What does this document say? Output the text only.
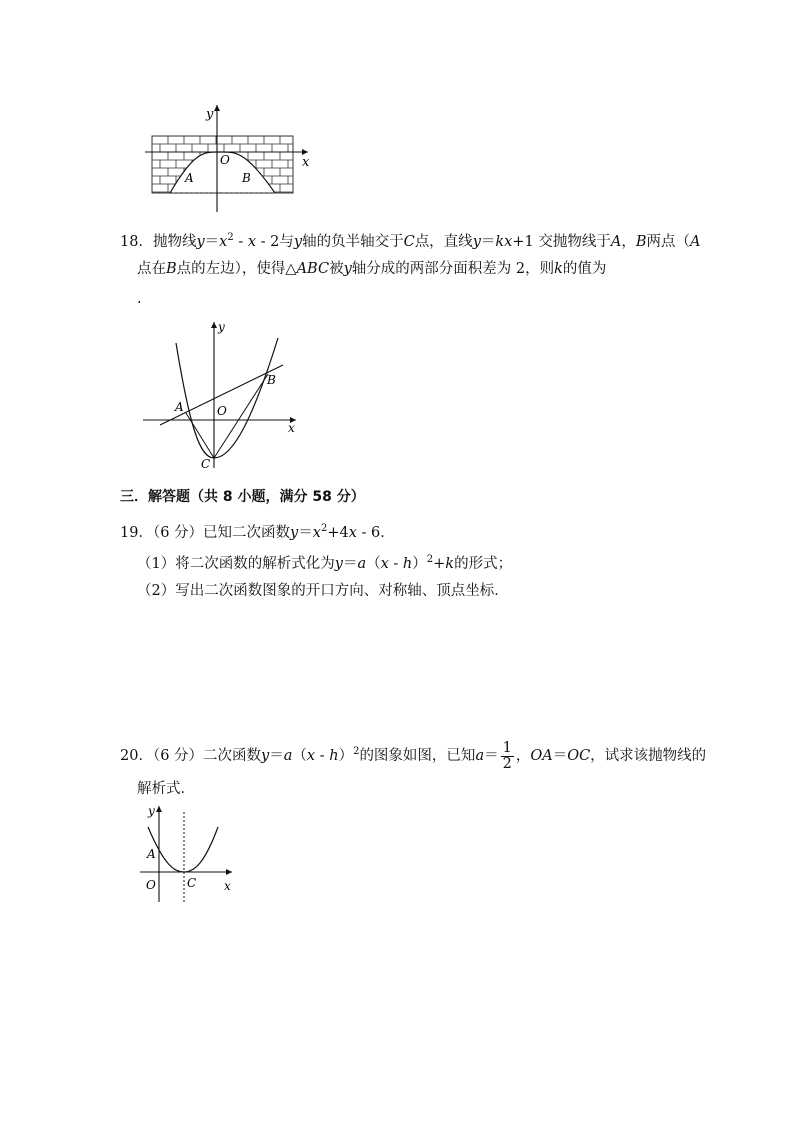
y
x
O
A	B
18．抛物线$y=x^2 - x - 2$与y轴的负半轴交于C点，直线y＝kx+1 交抛物线于A，B两点（A
点在B点的左边），使得△ABC被y轴分成的两部分面积差为 2，则k的值为
.
y
x
O
A
B
C
三．解答题（共 8 小题，满分 58 分）
19．（6 分）已知二次函数$y=x^2+4x - 6$．
（1）将二次函数的解析式化为y＝a（x - h）$^2$+k的形式；
（2）写出二次函数图象的开口方向、对称轴、顶点坐标．
20．（6 分）二次函数y＝a（x - h）$^2$的图象如图，已知$a= \frac{1}{2}$ ，OA＝OC，试求该抛物线的
解析式．
y
x
O
A
C
